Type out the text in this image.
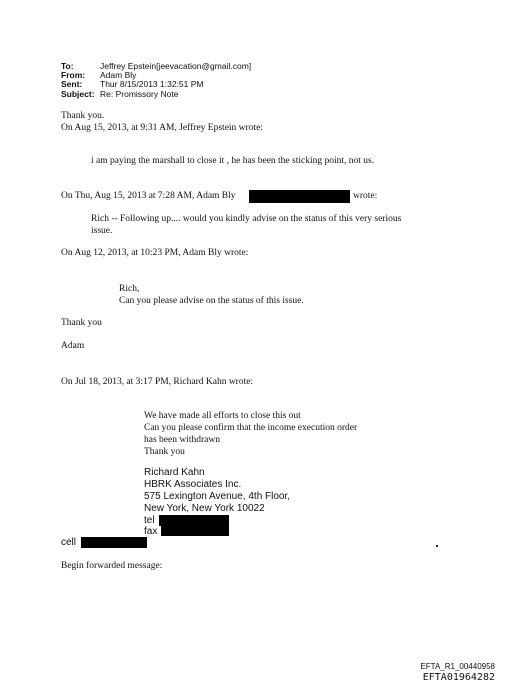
To:	Jeffrey Epstein[jeevacation@gmail.com]
From: Adam Bly
Sent: Thur 8/15/2013 1:32:51 PM
Subject: Re: Promissory Note
Thank you.
On Aug 15, 2013, at 9:31 AM, Jeffrey Epstein wrote:
i am paying the marshall to close it , he has been the sticking point, not us.
On Thu, Aug 15, 2013 at 7:28 AM, Adam Bly	wrote:
Rich -- Following up.... would you kindly advise on the status of this very serious
issue.
On Aug 12, 2013, at 10:23 PM, Adam Bly wrote:
Rich,
Can you please advise on the status of this issue.
Thank you
Adam
On Jul 18, 2013, at 3:17 PM, Richard Kahn wrote:
We have made all efforts to close this out
Can you please confirm that the income execution order
has been withdrawn
Thank you
Richard Kahn
HBRK Associates Inc.
575 Lexington Avenue, 4th Floor,
New York, New York 10022
tel
fax
cell
Begin forwarded message:
EFTA_R1_00440958
EFTA01964282
